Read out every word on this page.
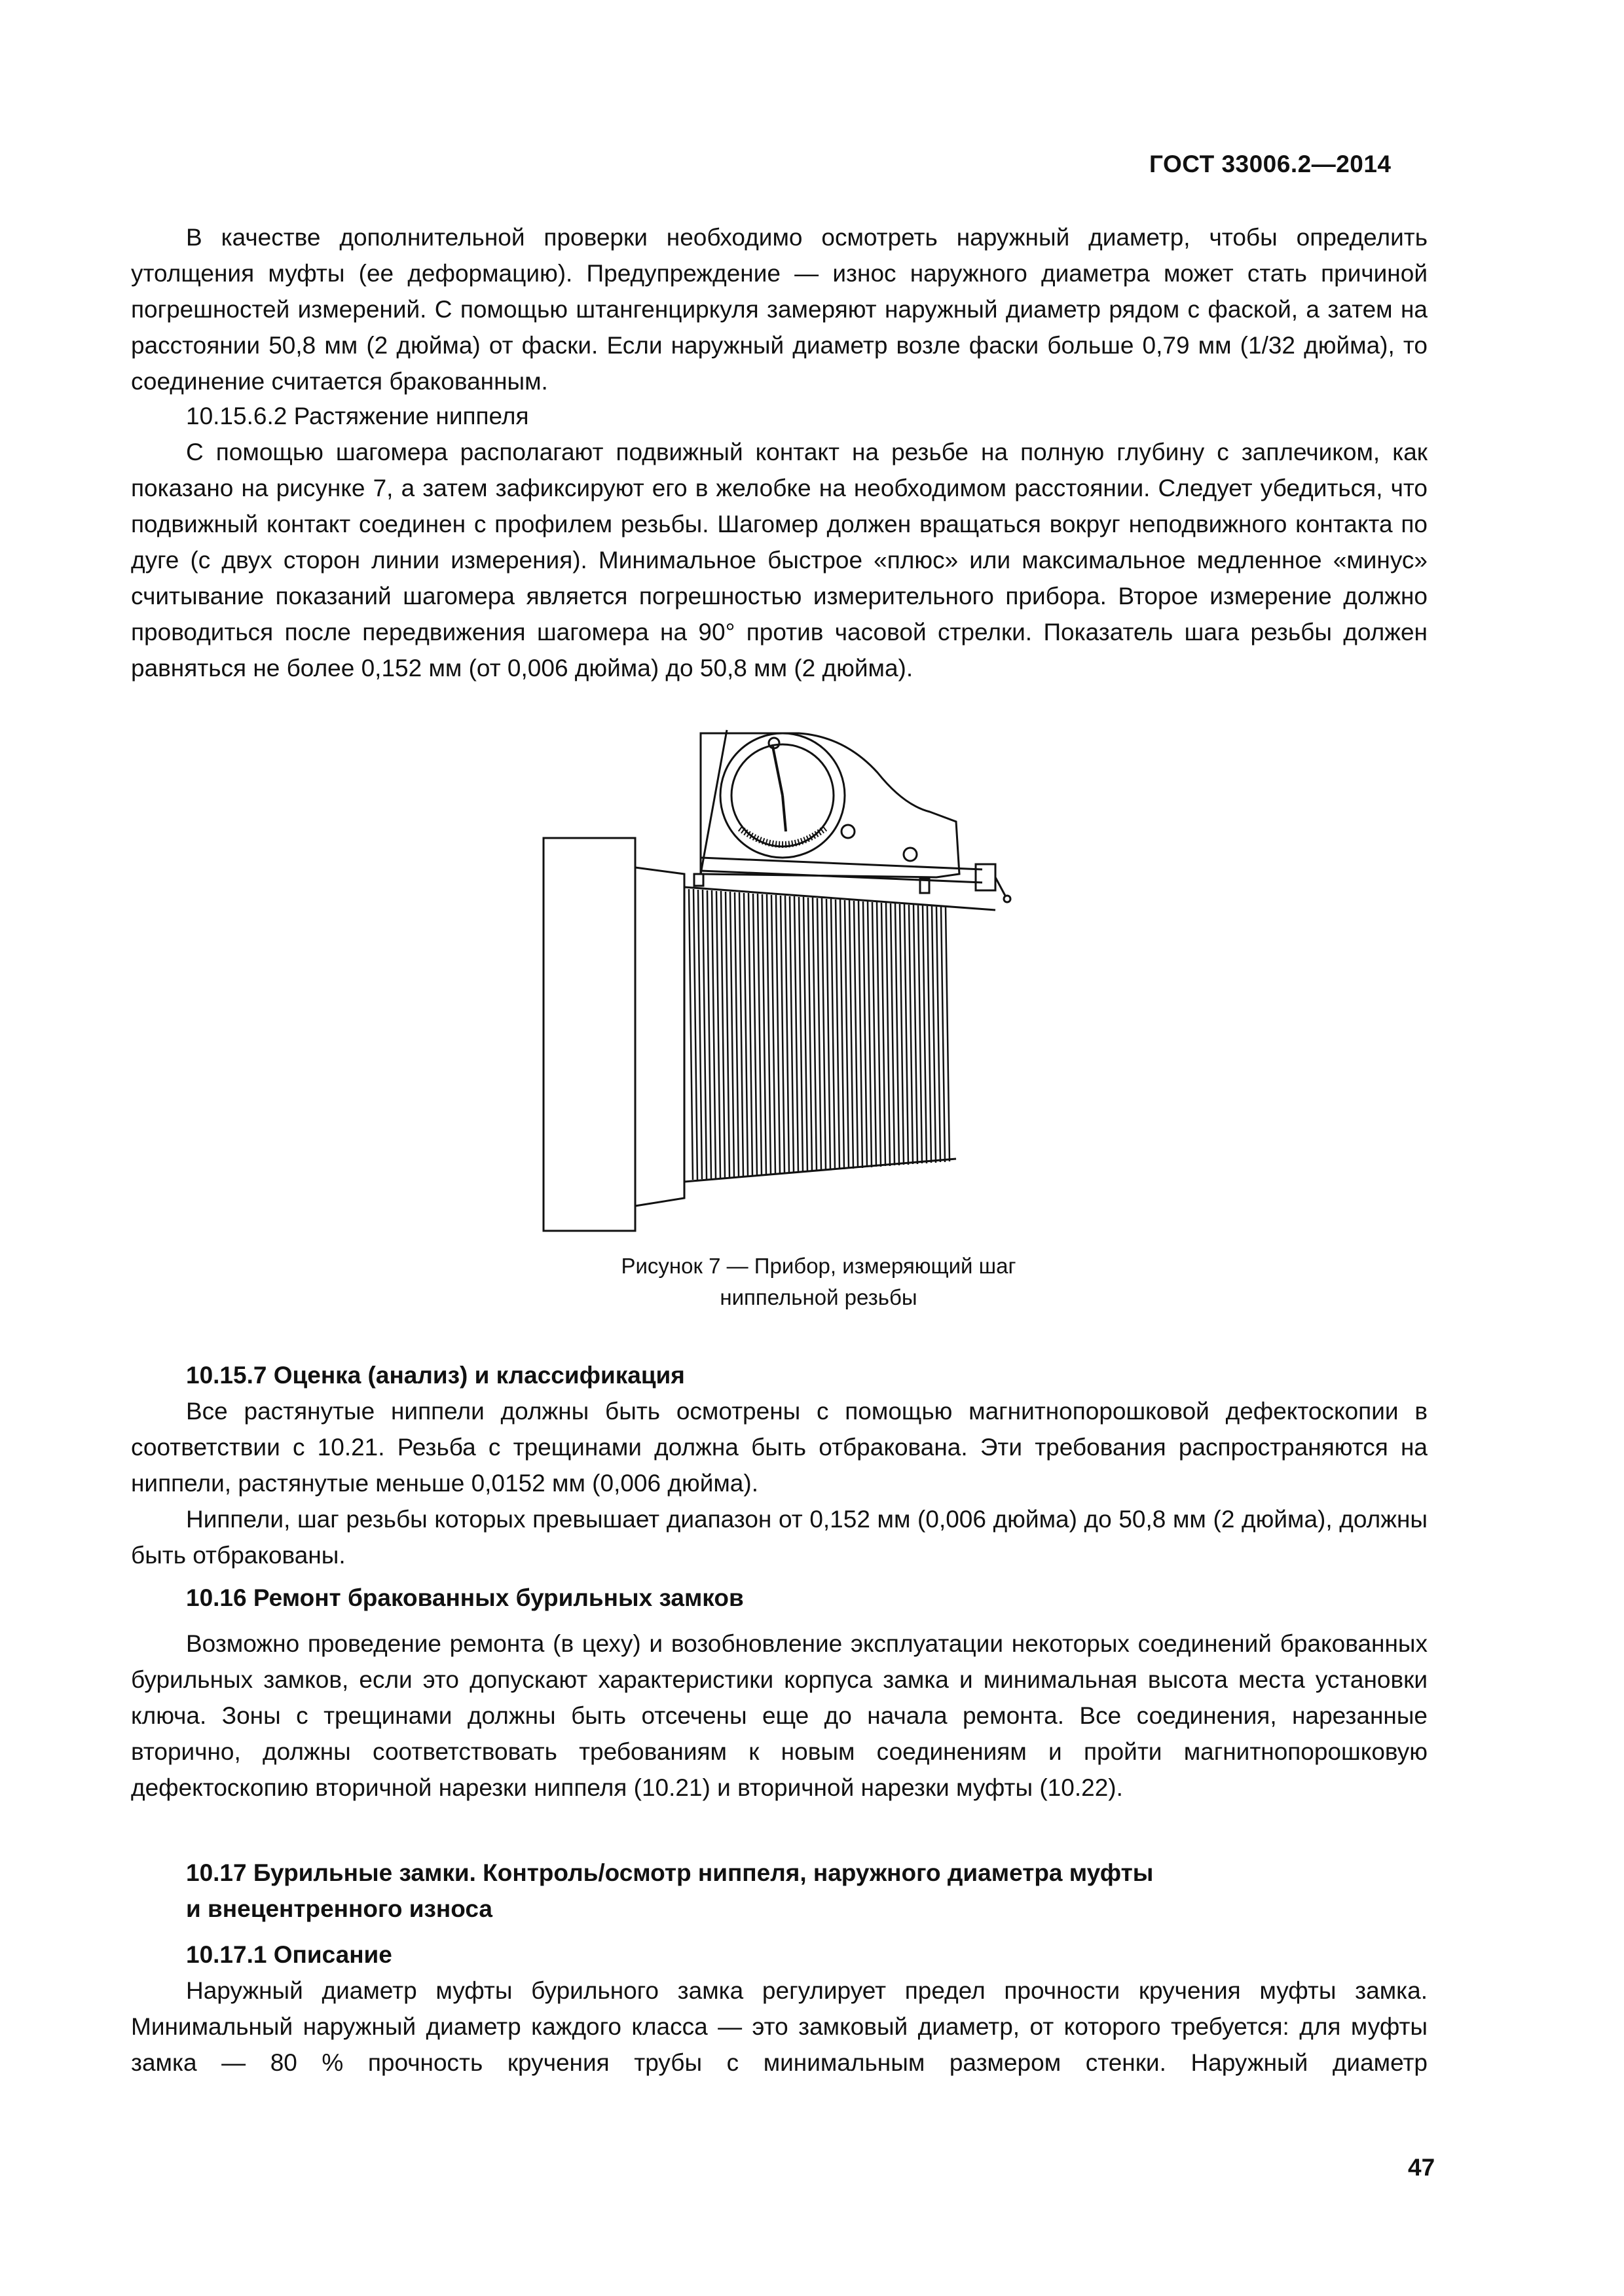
ГОСТ 33006.2—2014
В качестве дополнительной проверки необходимо осмотреть наружный диаметр, чтобы определить утолщения муфты (ее деформацию). Предупреждение — износ наружного диаметра может стать причиной погрешностей измерений. С помощью штангенциркуля замеряют наружный диаметр рядом с фаской, а затем на расстоянии 50,8 мм (2 дюйма) от фаски. Если наружный диаметр возле фаски больше 0,79 мм (1/32 дюйма), то соединение считается бракованным.
10.15.6.2 Растяжение ниппеля
С помощью шагомера располагают подвижный контакт на резьбе на полную глубину с заплечиком, как показано на рисунке 7, а затем зафиксируют его в желобке на необходимом расстоянии. Следует убедиться, что подвижный контакт соединен с профилем резьбы. Шагомер должен вращаться вокруг неподвижного контакта по дуге (с двух сторон линии измерения). Минимальное быстрое «плюс» или максимальное медленное «минус» считывание показаний шагомера является погрешностью измерительного прибора. Второе измерение должно проводиться после передвижения шагомера на 90° против часовой стрелки. Показатель шага резьбы должен равняться не более 0,152 мм (от 0,006 дюйма) до 50,8 мм (2 дюйма).
Рисунок 7 — Прибор, измеряющий шаг
ниппельной резьбы
10.15.7 Оценка (анализ) и классификация
Все растянутые ниппели должны быть осмотрены с помощью магнитнопорошковой дефектоскопии в соответствии с 10.21. Резьба с трещинами должна быть отбракована. Эти требования распространяются на ниппели, растянутые меньше 0,0152 мм (0,006 дюйма).
Ниппели, шаг резьбы которых превышает диапазон от 0,152 мм (0,006 дюйма) до 50,8 мм (2 дюйма), должны быть отбракованы.
10.16 Ремонт бракованных бурильных замков
Возможно проведение ремонта (в цеху) и возобновление эксплуатации некоторых соединений бракованных бурильных замков, если это допускают характеристики корпуса замка и минимальная высота места установки ключа. Зоны с трещинами должны быть отсечены еще до начала ремонта. Все соединения, нарезанные вторично, должны соответствовать требованиям к новым соединениям и пройти магнитнопорошковую дефектоскопию вторичной нарезки ниппеля (10.21) и вторичной нарезки муфты (10.22).
10.17 Бурильные замки. Контроль/осмотр ниппеля, наружного диаметра муфты
и внецентренного износа
10.17.1 Описание
Наружный диаметр муфты бурильного замка регулирует предел прочности кручения муфты замка. Минимальный наружный диаметр каждого класса — это замковый диаметр, от которого требуется: для муфты замка — 80 % прочность кручения трубы с минимальным размером стенки. Наружный диаметр
47
